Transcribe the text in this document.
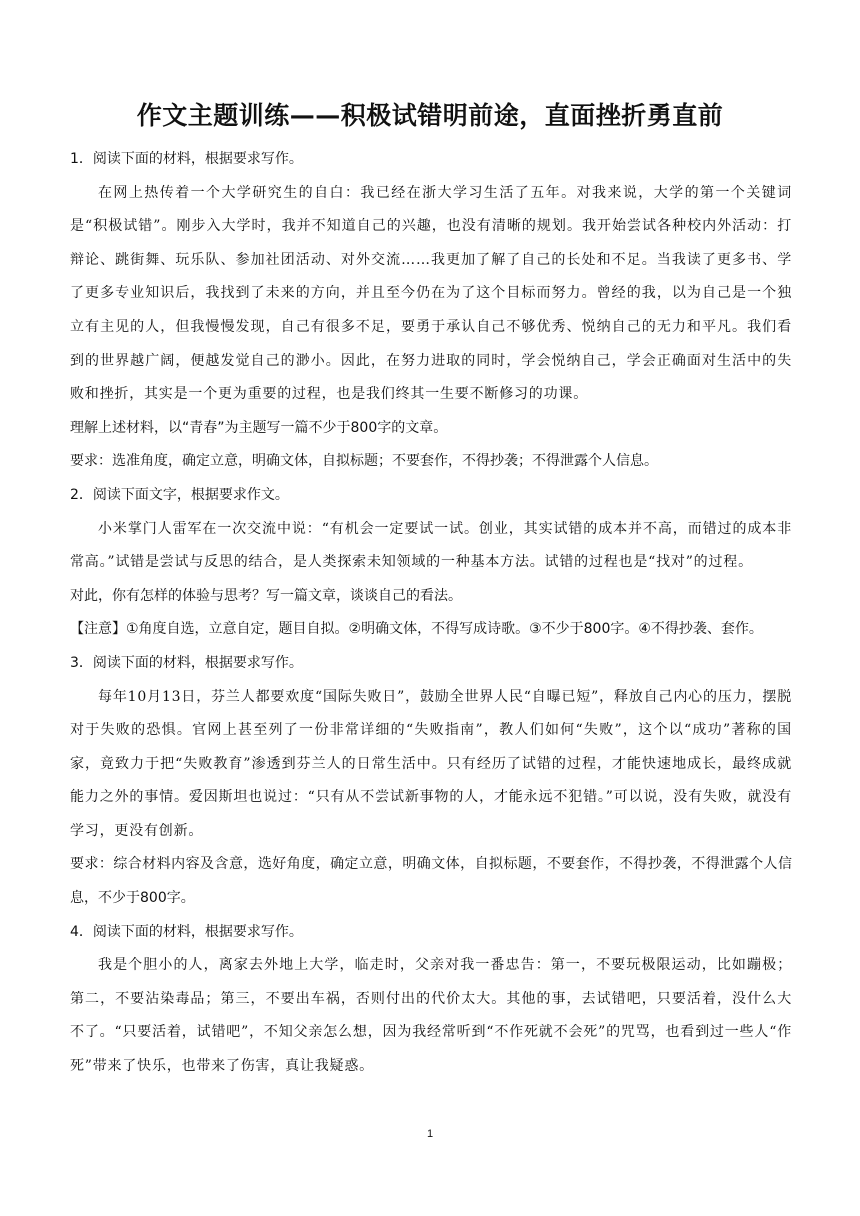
作文主题训练——积极试错明前途，直面挫折勇直前

1．阅读下面的材料，根据要求写作。

在网上热传着一个大学研究生的自白：我已经在浙大学习生活了五年。对我来说，大学的第一个关键词是“积极试错”。刚步入大学时，我并不知道自己的兴趣，也没有清晰的规划。我开始尝试各种校内外活动：打辩论、跳街舞、玩乐队、参加社团活动、对外交流……我更加了解了自己的长处和不足。当我读了更多书、学了更多专业知识后，我找到了未来的方向，并且至今仍在为了这个目标而努力。曾经的我，以为自己是一个独立有主见的人，但我慢慢发现，自己有很多不足，要勇于承认自己不够优秀、悦纳自己的无力和平凡。我们看到的世界越广阔，便越发觉自己的渺小。因此，在努力进取的同时，学会悦纳自己，学会正确面对生活中的失败和挫折，其实是一个更为重要的过程，也是我们终其一生要不断修习的功课。

理解上述材料，以“青春”为主题写一篇不少于800字的文章。

要求：选准角度，确定立意，明确文体，自拟标题；不要套作，不得抄袭；不得泄露个人信息。

2．阅读下面文字，根据要求作文。

小米掌门人雷军在一次交流中说：“有机会一定要试一试。创业，其实试错的成本并不高，而错过的成本非常高。”试错是尝试与反思的结合，是人类探索未知领域的一种基本方法。试错的过程也是“找对”的过程。

对此，你有怎样的体验与思考？写一篇文章，谈谈自己的看法。

【注意】①角度自选，立意自定，题目自拟。②明确文体，不得写成诗歌。③不少于800字。④不得抄袭、套作。

3．阅读下面的材料，根据要求写作。

每年10月13日，芬兰人都要欢度“国际失败日”，鼓励全世界人民“自曝已短”，释放自己内心的压力，摆脱对于失败的恐惧。官网上甚至列了一份非常详细的“失败指南”，教人们如何“失败”，这个以“成功”著称的国家，竟致力于把“失败教育”渗透到芬兰人的日常生活中。只有经历了试错的过程，才能快速地成长，最终成就能力之外的事情。爱因斯坦也说过：“只有从不尝试新事物的人，才能永远不犯错。”可以说，没有失败，就没有学习，更没有创新。

要求：综合材料内容及含意，选好角度，确定立意，明确文体，自拟标题，不要套作，不得抄袭，不得泄露个人信息，不少于800字。

4．阅读下面的材料，根据要求写作。

我是个胆小的人，离家去外地上大学，临走时，父亲对我一番忠告：第一，不要玩极限运动，比如蹦极；第二，不要沾染毒品；第三，不要出车祸，否则付出的代价太大。其他的事，去试错吧，只要活着，没什么大不了。“只要活着，试错吧”，不知父亲怎么想，因为我经常听到“不作死就不会死”的咒骂，也看到过一些人“作死”带来了快乐，也带来了伤害，真让我疑惑。

1
